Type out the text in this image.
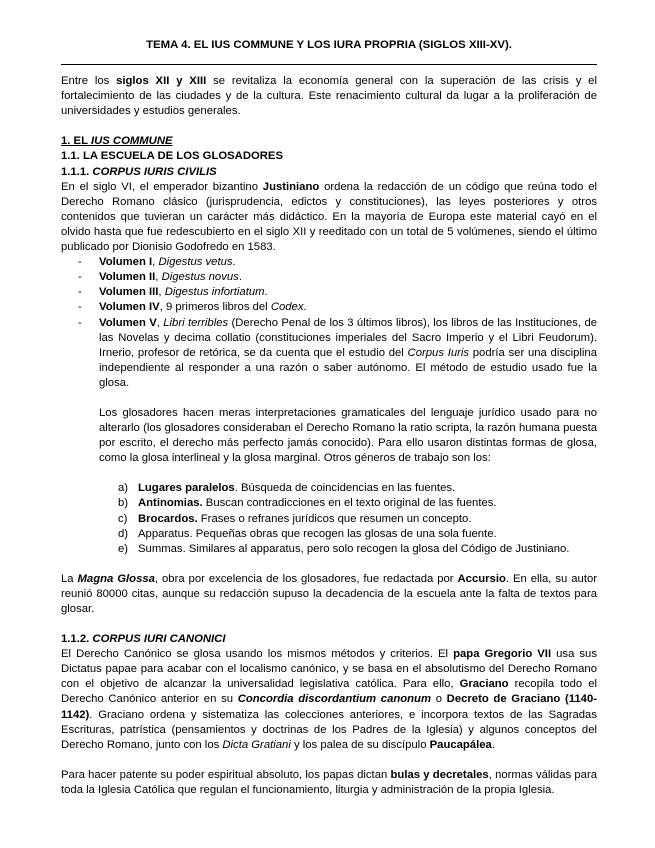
TEMA 4. EL IUS COMMUNE Y LOS IURA PROPRIA (SIGLOS XIII-XV).

Entre los siglos XII y XIII se revitaliza la economía general con la superación de las crisis y el fortalecimiento de las ciudades y de la cultura. Este renacimiento cultural da lugar a la proliferación de universidades y estudios generales.

1. EL IUS COMMUNE
1.1. LA ESCUELA DE LOS GLOSADORES
1.1.1. CORPUS IURIS CIVILIS

En el siglo VI, el emperador bizantino Justiniano ordena la redacción de un código que reúna todo el Derecho Romano clásico (jurisprudencia, edictos y constituciones), las leyes posteriores y otros contenidos que tuvieran un carácter más didáctico. En la mayoría de Europa este material cayó en el olvido hasta que fue redescubierto en el siglo XII y reeditado con un total de 5 volúmenes, siendo el último publicado por Dionisio Godofredo en 1583.

- Volumen I, Digestus vetus.
- Volumen II, Digestus novus.
- Volumen III, Digestus infortiatum.
- Volumen IV, 9 primeros libros del Codex.
- Volumen V, Libri terribles (Derecho Penal de los 3 últimos libros), los libros de las Instituciones, de las Novelas y decima collatio (constituciones imperiales del Sacro Imperio y el Libri Feudorum). Irnerio, profesor de retórica, se da cuenta que el estudio del Corpus Iuris podría ser una disciplina independiente al responder a una razón o saber autónomo. El método de estudio usado fue la glosa.

Los glosadores hacen meras interpretaciones gramaticales del lenguaje jurídico usado para no alterarlo (los glosadores consideraban el Derecho Romano la ratio scripta, la razón humana puesta por escrito, el derecho más perfecto jamás conocido). Para ello usaron distintas formas de glosa, como la glosa interlineal y la glosa marginal. Otros géneros de trabajo son los:

a) Lugares paralelos. Búsqueda de coincidencias en las fuentes.
b) Antinomias. Buscan contradicciones en el texto original de las fuentes.
c) Brocardos. Frases o refranes jurídicos que resumen un concepto.
d) Apparatus. Pequeñas obras que recogen las glosas de una sola fuente.
e) Summas. Similares al apparatus, pero solo recogen la glosa del Código de Justiniano.

La Magna Glossa, obra por excelencia de los glosadores, fue redactada por Accursio. En ella, su autor reunió 80000 citas, aunque su redacción supuso la decadencia de la escuela ante la falta de textos para glosar.

1.1.2. CORPUS IURI CANONICI

El Derecho Canónico se glosa usando los mismos métodos y criterios. El papa Gregorio VII usa sus Dictatus papae para acabar con el localismo canónico, y se basa en el absolutismo del Derecho Romano con el objetivo de alcanzar la universalidad legislativa católica. Para ello, Graciano recopila todo el Derecho Canónico anterior en su Concordia discordantium canonum o Decreto de Graciano (1140-1142). Graciano ordena y sistematiza las colecciones anteriores, e incorpora textos de las Sagradas Escrituras, patrística (pensamientos y doctrinas de los Padres de la Iglesia) y algunos conceptos del Derecho Romano, junto con los Dicta Gratiani y los palea de su discípulo Paucapálea.

Para hacer patente su poder espiritual absoluto, los papas dictan bulas y decretales, normas válidas para toda la Iglesia Católica que regulan el funcionamiento, liturgia y administración de la propia Iglesia.
